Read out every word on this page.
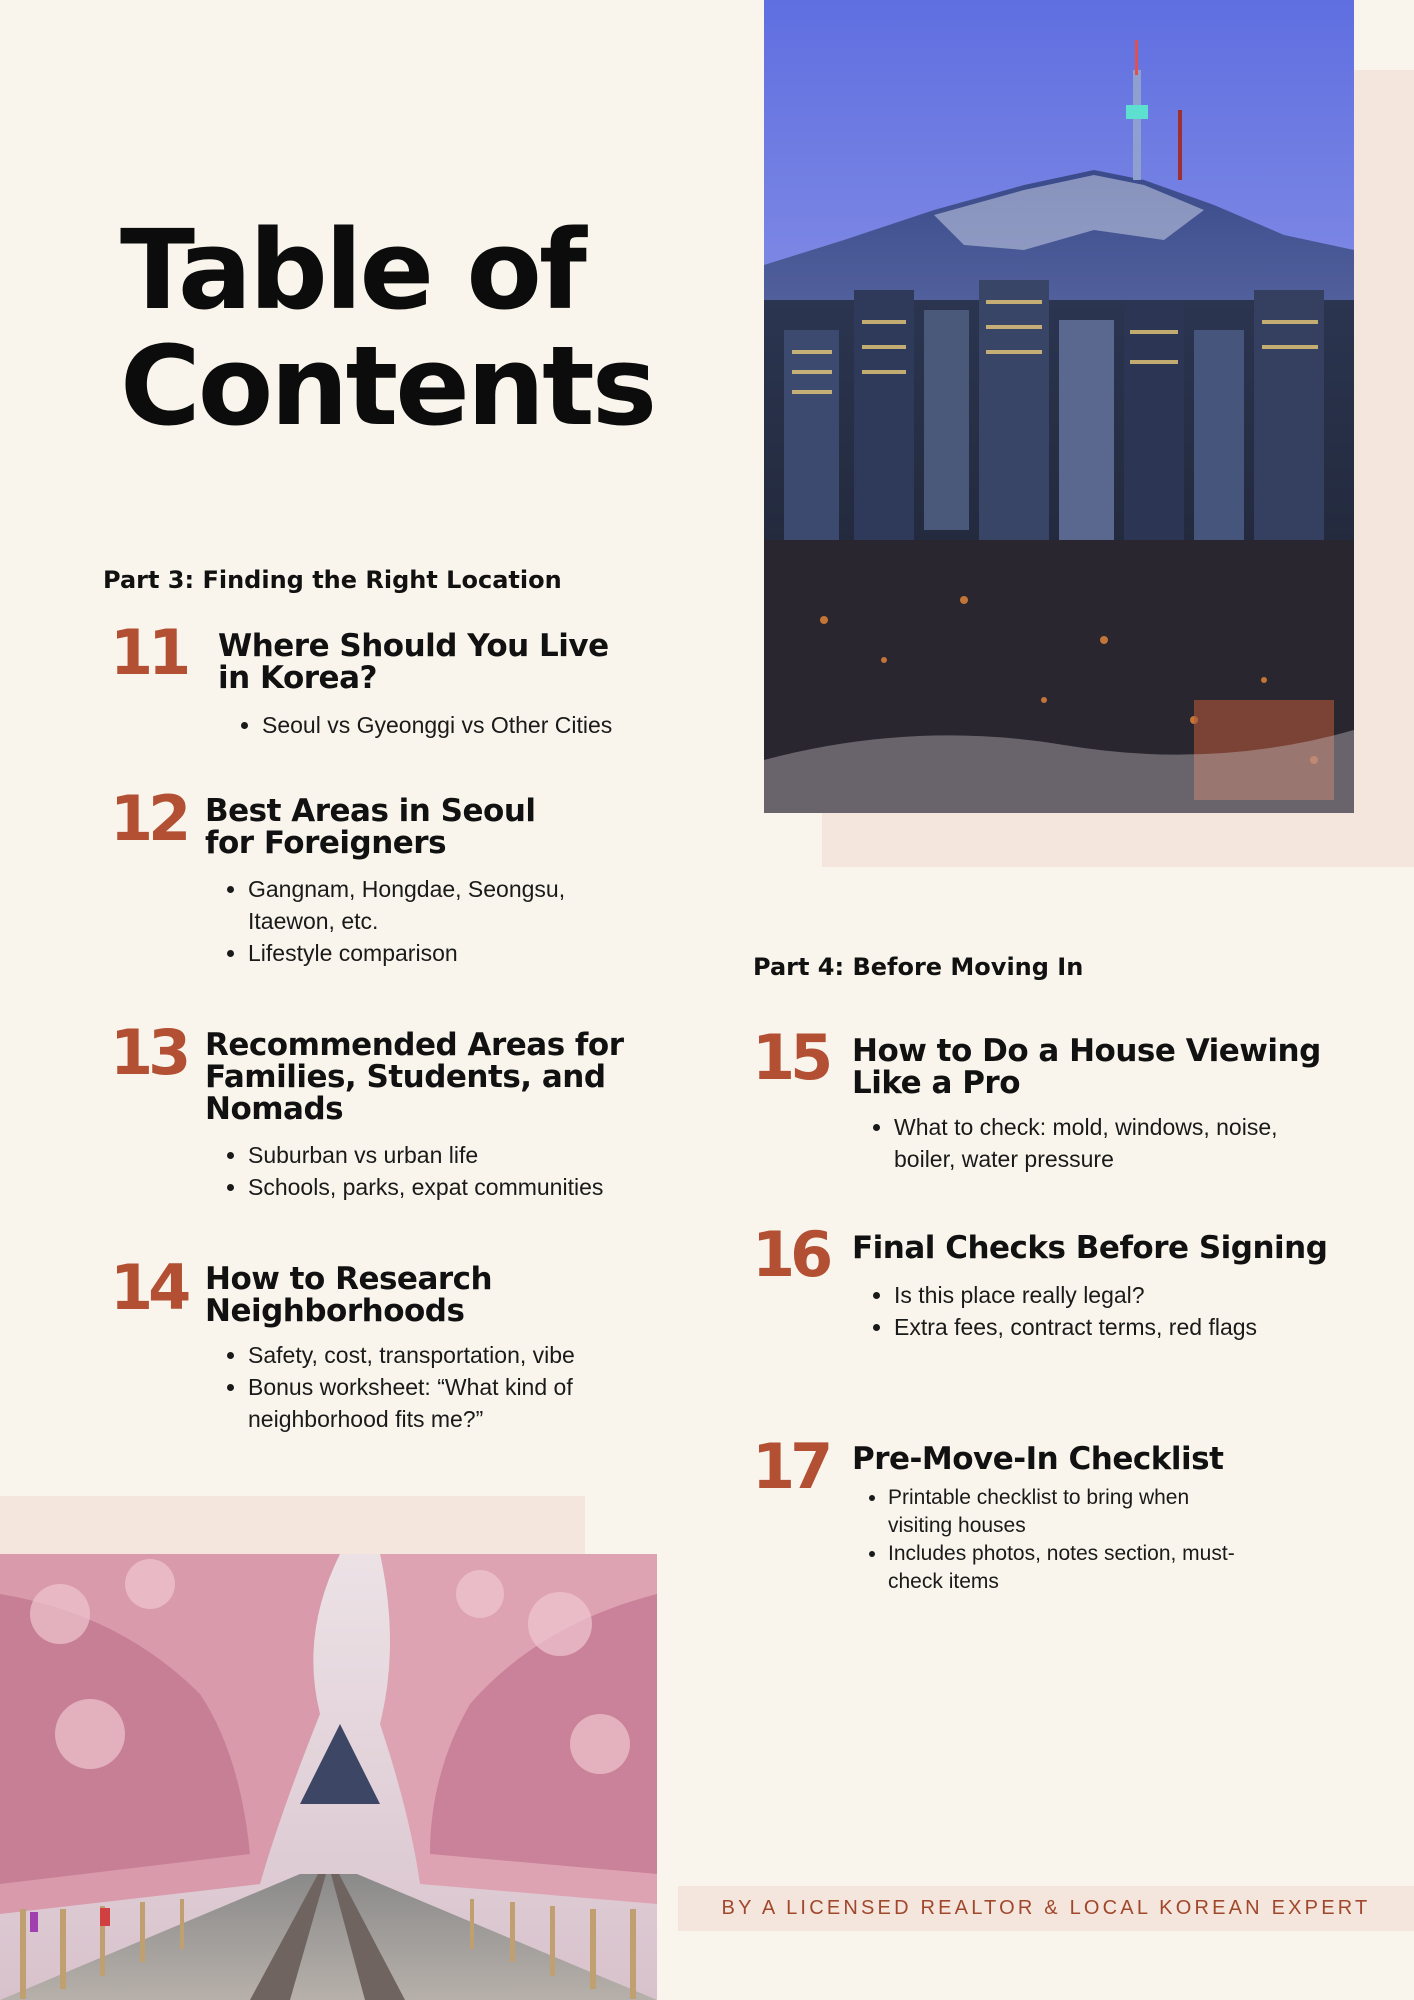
Table of
Contents
Part 3: Finding the Right Location
11 Where Should You Live
in Korea?
• Seoul vs Gyeonggi vs Other Cities
12 Best Areas in Seoul
for Foreigners
• Gangnam, Hongdae, Seongsu,
Itaewon, etc.
• Lifestyle comparison
13 Recommended Areas for
Families, Students, and
Nomads
• Suburban vs urban life
• Schools, parks, expat communities
14 How to Research
Neighborhoods
• Safety, cost, transportation, vibe
• Bonus worksheet: “What kind of
neighborhood fits me?”
Part 4: Before Moving In
15 How to Do a House Viewing
Like a Pro
• What to check: mold, windows, noise,
boiler, water pressure
16 Final Checks Before Signing
• Is this place really legal?
• Extra fees, contract terms, red flags
17 Pre-Move-In Checklist
• Printable checklist to bring when
visiting houses
• Includes photos, notes section, must-
check items
BY A LICENSED REALTOR & LOCAL KOREAN EXPERT
